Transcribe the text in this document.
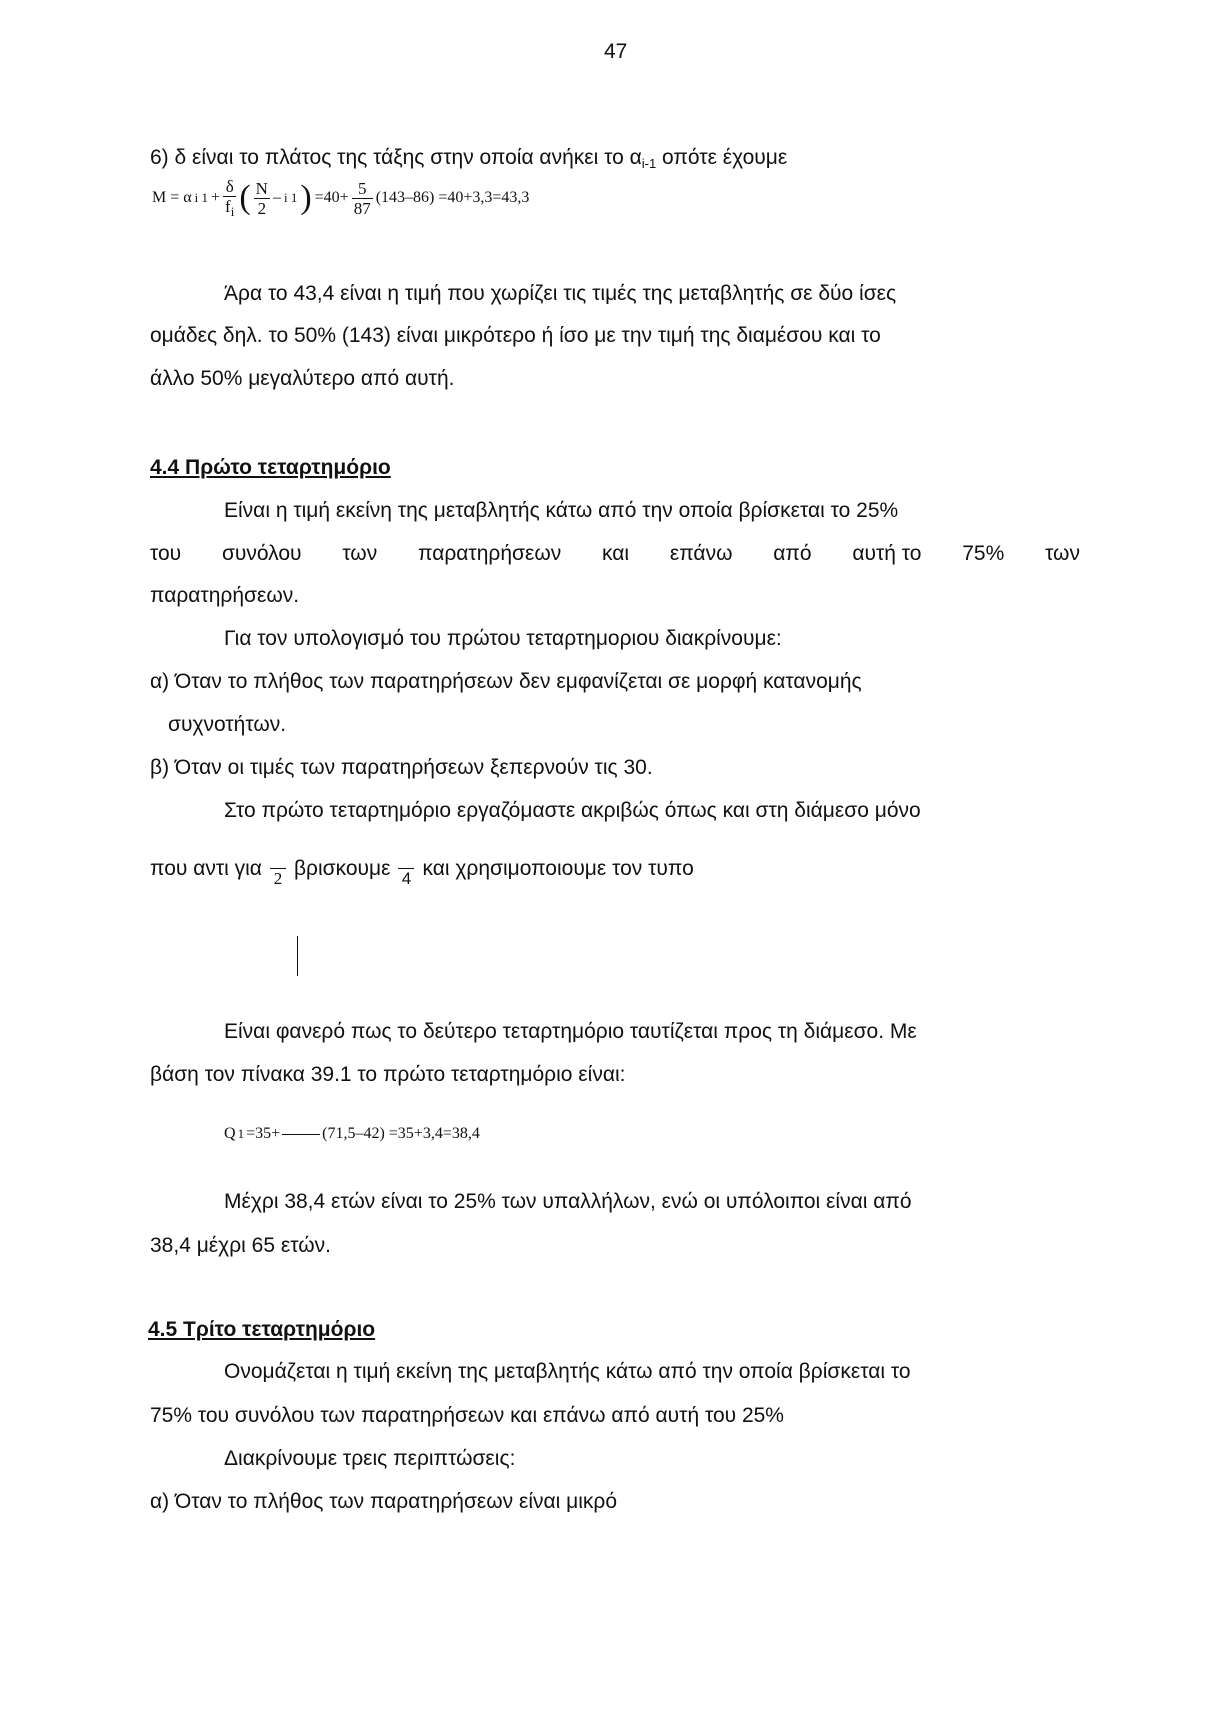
47
6) δ είναι το πλάτος της τάξης στην οποία ανήκει το $\alpha_{i-1}$ οπότε έχουμε
M = α i $1 + \frac{\delta}{f_i}$ ( $\frac{N}{2}$ – i 1 ) $=40+ \frac{5}{87} (143-86) =40+3,3=43,3$
Άρα το 43,4 είναι η τιμή που χωρίζει τις τιμές της μεταβλητής σε δύο ίσες
ομάδες δηλ. το 50% (143) είναι μικρότερο ή ίσο με την τιμή της διαμέσου και το
άλλο 50% μεγαλύτερο από αυτή.
4.4 Πρώτο τεταρτημόριο
Είναι η τιμή εκείνη της μεταβλητής κάτω από την οποία βρίσκεται το 25%
του συνόλου των παρατηρήσεων και επάνω από αυτή το 75% των
παρατηρήσεων.
Για τον υπολογισμό του πρώτου τεταρτημοριου διακρίνουμε:
α) Όταν το πλήθος των παρατηρήσεων δεν εμφανίζεται σε μορφή κατανομής
συχνοτήτων.
β) Όταν οι τιμές των παρατηρήσεων ξεπερνούν τις 30.
Στο πρώτο τεταρτημόριο εργαζόμαστε ακριβώς όπως και στη διάμεσο μόνο
που αντι για 2 βρισκουμε 4 και χρησιμοποιουμε τον τυπο
Είναι φανερό πως το δεύτερο τεταρτημόριο ταυτίζεται προς τη διάμεσο. Με
βάση τον πίνακα 39.1 το πρώτο τεταρτημόριο είναι:
Q 1 =35+	(71,5–42) =35+3,4=38,4
Μέχρι 38,4 ετών είναι το 25% των υπαλλήλων, ενώ οι υπόλοιποι είναι από
38,4 μέχρι 65 ετών.
4.5 Τρίτο τεταρτημόριο
Ονομάζεται η τιμή εκείνη της μεταβλητής κάτω από την οποία βρίσκεται το
75% του συνόλου των παρατηρήσεων και επάνω από αυτή του 25%
Διακρίνουμε τρεις περιπτώσεις:
α) Όταν το πλήθος των παρατηρήσεων είναι μικρό
